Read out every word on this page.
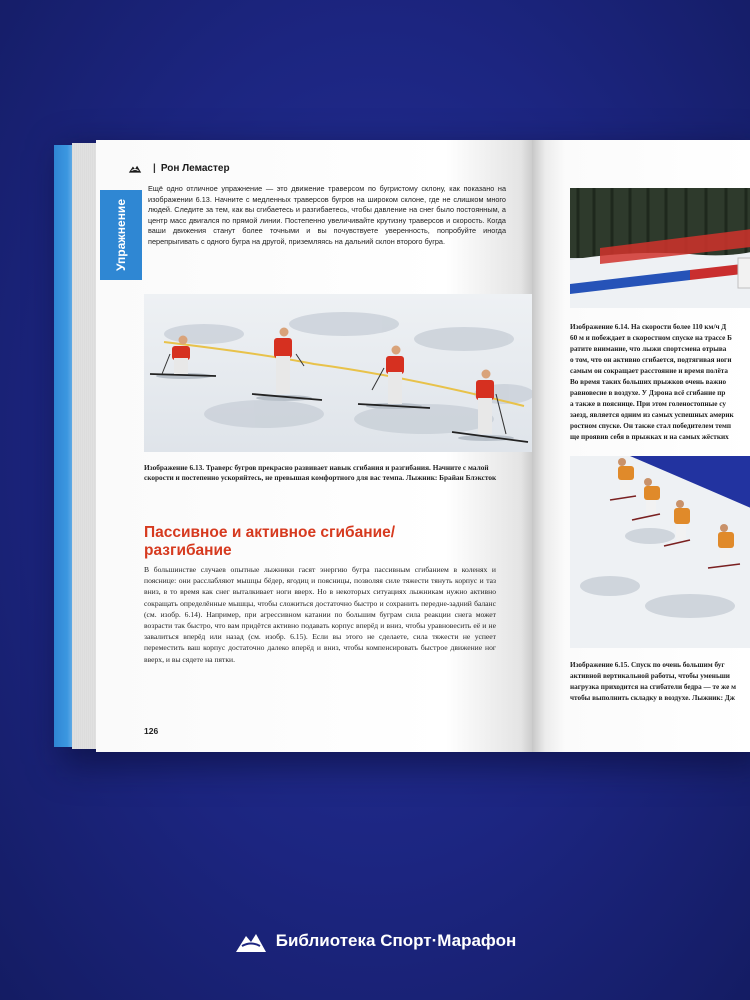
| Рон Лемастер
Упражнение

Ещё одно отличное упражнение — это движение траверсом по бугристому склону, как показано на изображении 6.13. Начните с медленных траверсов бугров на широком склоне, где не слишком много людей. Следите за тем, как вы сгибаетесь и разгибаетесь, чтобы давление на снег было постоянным, а центр масс двигался по прямой линии. Постепенно увеличивайте крутизну траверсов и скорость. Когда ваши движения станут более точными и вы почувствуете уверенность, попробуйте иногда перепрыгивать с одного бугра на другой, приземляясь на дальний склон второго бугра.

Изображение 6.13. Траверс бугров прекрасно развивает навык сгибания и разгибания. Начните с малой скорости и постепенно ускоряйтесь, не превышая комфортного для вас темпа. Лыжник: Брайан Блэксток

Пассивное и активное сгибание/ разгибание

В большинстве случаев опытные лыжники гасят энергию бугра пассивным сгибанием в коленях и пояснице: они расслабляют мышцы бёдер, ягодиц и поясницы, позволяя силе тяжести тянуть корпус и таз вниз, в то время как снег выталкивает ноги вверх. Но в некоторых ситуациях лыжникам нужно активно сокращать определённые мышцы, чтобы сложиться достаточно быстро и сохранить передне-задний баланс (см. изобр. 6.14). Например, при агрессивном катании по большим буграм сила реакции снега может возрасти так быстро, что вам придётся активно подавать корпус вперёд и вниз, чтобы уравновесить её и не завалиться вперёд или назад (см. изобр. 6.15). Если вы этого не сделаете, сила тяжести не успеет переместить ваш корпус достаточно далеко вперёд и вниз, чтобы компенсировать быстрое движение ног вверх, и вы сядете на пятки.

126
Изображение 6.14. На скорости более 110 км/ч Д
60 м и побеждает в скоростном спуске на трассе Б
ратите внимание, что лыжи спортсмена отрыва
о том, что он активно сгибается, подтягивая ноги
самым он сокращает расстояние и время полёта
Во время таких больших прыжков очень важно
равновесие в воздухе. У Дзрона всё сгибание пр
а также в пояснице. При этом голеностопные су
заезд, является одним из самых успешных америк
ростном спуске. Он также стал победителем темп
ще проявив себя в прыжках и на самых жёстких
Изображение 6.15. Спуск по очень большим буг
активной вертикальной работы, чтобы уменьши
нагрузка приходится на сгибатели бедра — те же м
чтобы выполнить складку в воздухе. Лыжник: Дж
Библиотека Спорт·Марафон
